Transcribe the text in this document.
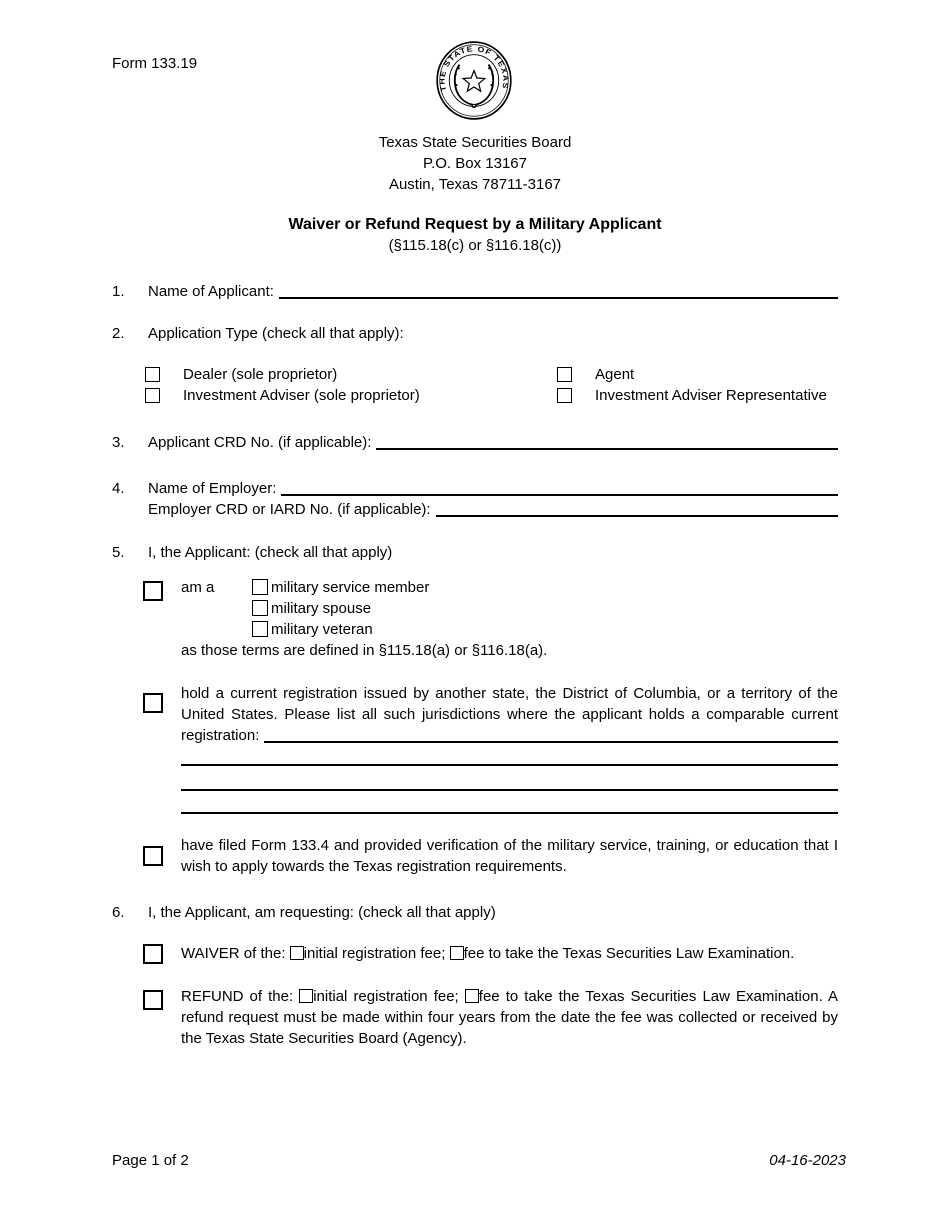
Form 133.19
THE STATE OF TEXAS
Texas State Securities Board
P.O. Box 13167
Austin, Texas 78711-3167
Waiver or Refund Request by a Military Applicant
(§115.18(c) or §116.18(c))
1.	Name of Applicant:
2.	Application Type (check all that apply):
Dealer (sole proprietor)	Agent
Investment Adviser (sole proprietor)	Investment Adviser Representative
3.	Applicant CRD No. (if applicable):
4.	Name of Employer:
Employer CRD or IARD No. (if applicable):
5.	I, the Applicant: (check all that apply)
am a	military service member
military spouse
military veteran
as those terms are defined in §115.18(a) or §116.18(a).
hold a current registration issued by another state, the District of Columbia, or a territory of the
United States. Please list all such jurisdictions where the applicant holds a comparable current
registration:
have filed Form 133.4 and provided verification of the military service, training, or education that I
wish to apply towards the Texas registration requirements.
6.	I, the Applicant, am requesting: (check all that apply)
WAIVER of the: initial registration fee; fee to take the Texas Securities Law Examination.
REFUND of the: initial registration fee; fee to take the Texas Securities Law Examination. A
refund request must be made within four years from the date the fee was collected or received by
the Texas State Securities Board (Agency).
Page 1 of 2	04-16-2023
